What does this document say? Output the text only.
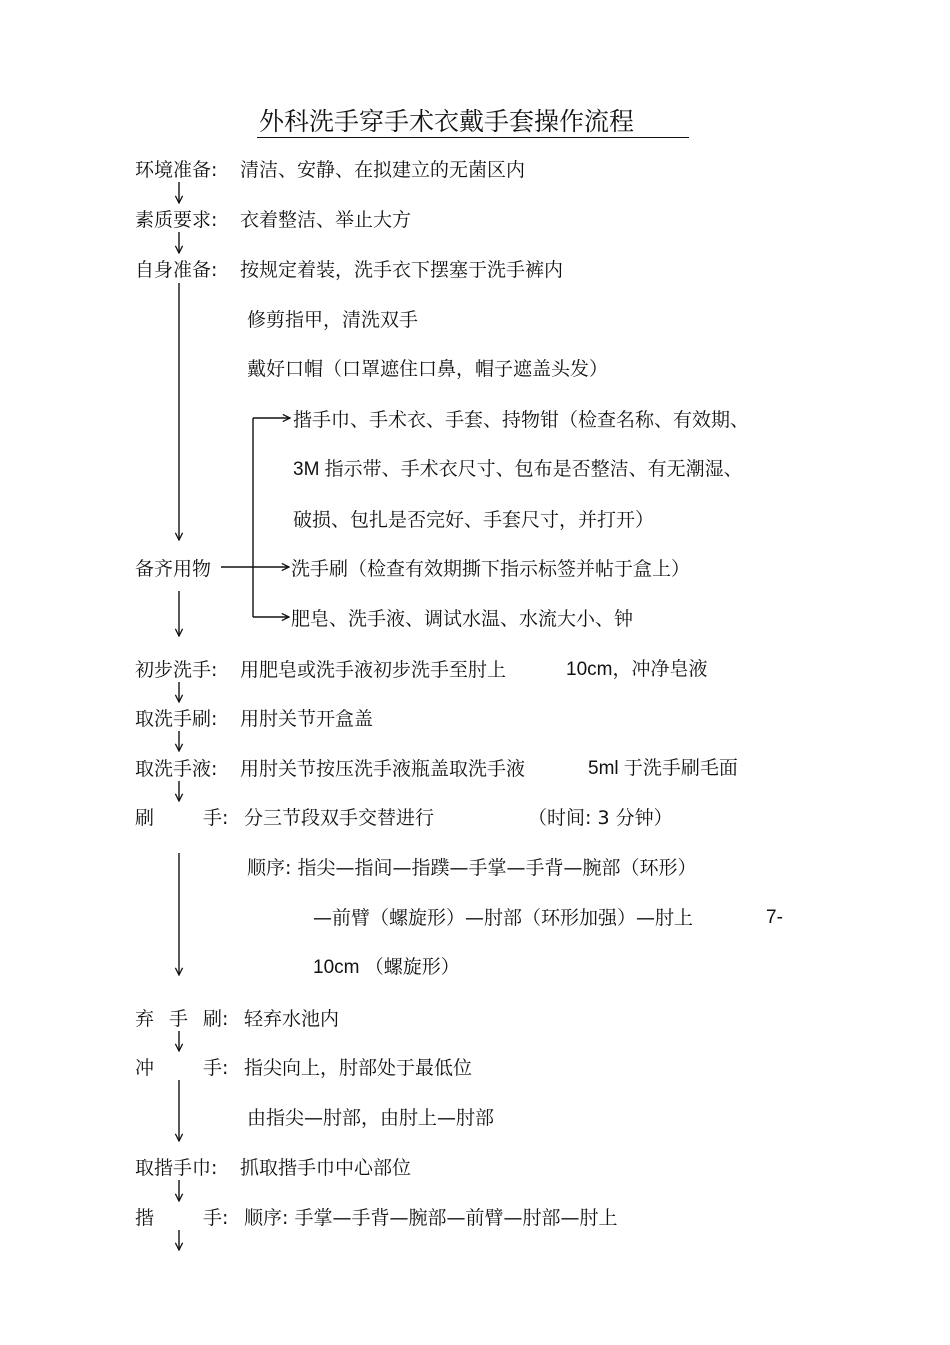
外科洗手穿手术衣戴手套操作流程
环境准备: 清洁、安静、在拟建立的无菌区内
素质要求: 衣着整洁、举止大方
自身准备: 按规定着装，洗手衣下摆塞于洗手裤内
修剪指甲，清洗双手
戴好口帽（口罩遮住口鼻，帽子遮盖头发）
揩手巾、手术衣、手套、持物钳（检查名称、有效期、
3M 指示带、手术衣尺寸、包布是否整洁、有无潮湿、
破损、包扎是否完好、手套尺寸，并打开）
备齐用物	洗手刷（检查有效期撕下指示标签并帖于盒上）
肥皂、洗手液、调试水温、水流大小、钟
初步洗手: 用肥皂或洗手液初步洗手至肘上	10cm，冲净皂液
取洗手刷: 用肘关节开盒盖
取洗手液: 用肘关节按压洗手液瓶盖取洗手液	5ml 于洗手刷毛面
刷	手: 分三节段双手交替进行	（时间: 3 分钟）
顺序: 指尖—指间—指蹼—手掌—手背—腕部（环形）
—前臂（螺旋形）—肘部（环形加强）—肘上	7-
10cm （螺旋形）
弃 手 刷: 轻弃水池内
冲	手: 指尖向上，肘部处于最低位
由指尖—肘部，由肘上—肘部
取揩手巾: 抓取揩手巾中心部位
揩	手: 顺序: 手掌—手背—腕部—前臂—肘部—肘上
